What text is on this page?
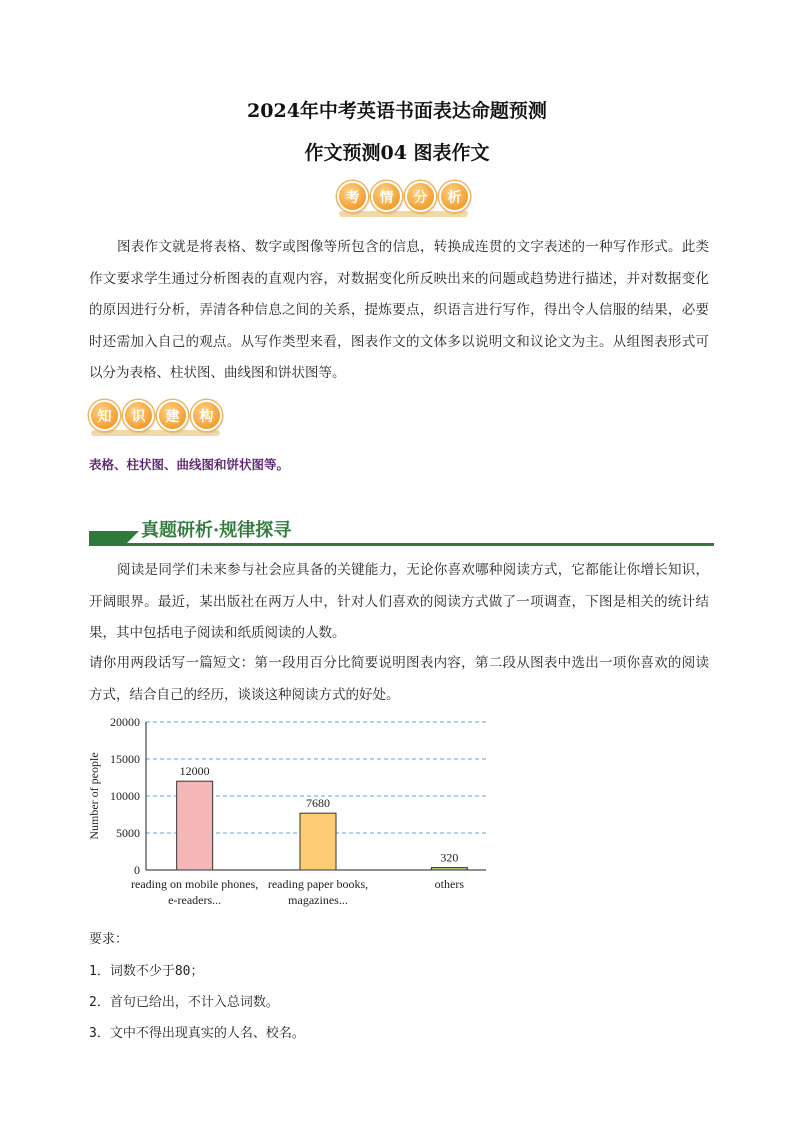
2024年中考英语书面表达命题预测
作文预测04 图表作文
考	情	分	析
图表作文就是将表格、数字或图像等所包含的信息，转换成连贯的文字表述的一种写作形式。此类作文要求学生通过分析图表的直观内容，对数据变化所反映出来的问题或趋势进行描述，并对数据变化的原因进行分析，弄清各种信息之间的关系，提炼要点，织语言进行写作，得出令人信服的结果，必要时还需加入自己的观点。从写作类型来看，图表作文的文体多以说明文和议论文为主。从组图表形式可以分为表格、柱状图、曲线图和饼状图等。
知	识	建	构
表格、柱状图、曲线图和饼状图等。
真题研析·规律探寻
阅读是同学们未来参与社会应具备的关键能力，无论你喜欢哪种阅读方式，它都能让你增长知识，开阔眼界。最近，某出版社在两万人中，针对人们喜欢的阅读方式做了一项调查，下图是相关的统计结果，其中包括电子阅读和纸质阅读的人数。
请你用两段话写一篇短文：第一段用百分比简要说明图表内容，第二段从图表中选出一项你喜欢的阅读方式，结合自己的经历，谈谈这种阅读方式的好处。
0
5000
10000
15000
20000
Number of people	12000
reading on mobile phones,
e-readers...
7680
reading paper books,
magazines...
320
others
要求：
1．词数不少于80；
2．首句已给出，不计入总词数。
3．文中不得出现真实的人名、校名。
